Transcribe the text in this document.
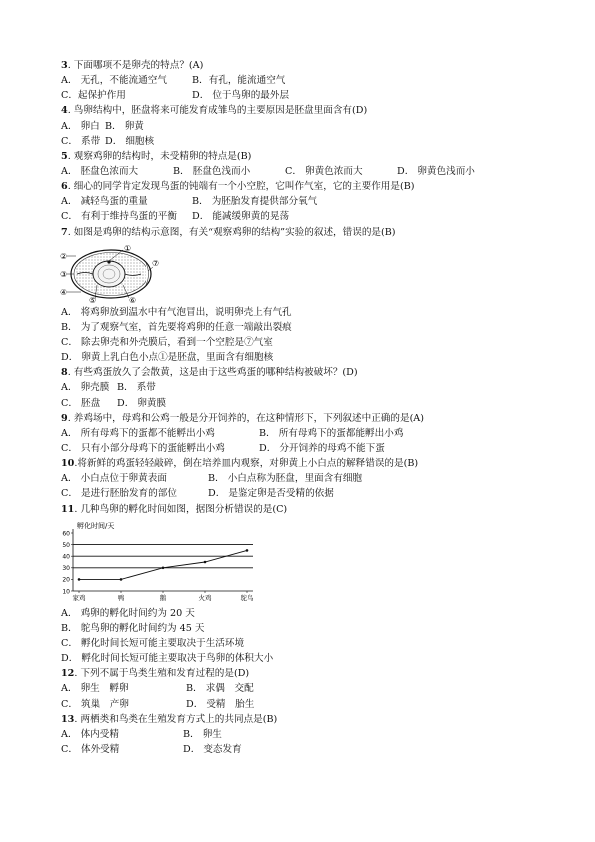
3. 下面哪项不是卵壳的特点？(A)
A． 无孔，不能流通空气	B．有孔，能流通空气
C．起保护作用	D． 位于鸟卵的最外层
4. 鸟卵结构中，胚盘将来可能发育成雏鸟的主要原因是胚盘里面含有(D)
A． 卵白 B． 卵黄
C． 系带 D． 细胞核
5. 观察鸡卵的结构时，未受精卵的特点是(B)
A． 胚盘色浓而大	B． 胚盘色浅而小	C． 卵黄色浓而大	D． 卵黄色浅而小
6. 细心的同学肯定发现鸟蛋的钝端有一个小空腔，它叫作气室，它的主要作用是(B)
A． 减轻鸟蛋的重量	B． 为胚胎发育提供部分氧气
C． 有利于维持鸟蛋的平衡 D． 能减缓卵黄的晃荡
7. 如图是鸡卵的结构示意图，有关“观察鸡卵的结构”实验的叙述，错误的是(B)
①
②
③
④
⑤	⑥
⑦
A． 将鸡卵放到温水中有气泡冒出，说明卵壳上有气孔
B． 为了观察气室，首先要将鸡卵的任意一端敲出裂痕
C． 除去卵壳和外壳膜后，看到一个空腔是⑦气室
D． 卵黄上乳白色小点①是胚盘，里面含有细胞核
8. 有些鸡蛋放久了会散黄，这是由于这些鸡蛋的哪种结构被破坏？(D)
A． 卵壳膜 B． 系带
C． 胚盘 D． 卵黄膜
9. 养鸡场中，母鸡和公鸡一般是分开饲养的，在这种情形下，下列叙述中正确的是(A)
A． 所有母鸡下的蛋都不能孵出小鸡	B． 所有母鸡下的蛋都能孵出小鸡
C． 只有小部分母鸡下的蛋能孵出小鸡	D． 分开饲养的母鸡不能下蛋
10.将新鲜的鸡蛋轻轻敲碎，倒在培养皿内观察，对卵黄上小白点的解释错误的是(B)
A． 小白点位于卵黄表面	B． 小白点称为胚盘，里面含有细胞
C． 是进行胚胎发育的部位	D． 是鉴定卵是否受精的依据
11. 几种鸟卵的孵化时间如图，据图分析错误的是(C)
孵化时间/天
10
20
30
40
50
60
家鸡	鸭	鹅	火鸡	鸵鸟
A． 鸡卵的孵化时间约为 20 天
B． 鸵鸟卵的孵化时间约为 45 天
C． 孵化时间长短可能主要取决于生活环境
D． 孵化时间长短可能主要取决于鸟卵的体积大小
12. 下列不属于鸟类生殖和发育过程的是(D)
A． 卵生　孵卵	B． 求偶　交配
C． 筑巢　产卵	D． 受精　胎生
13. 两栖类和鸟类在生殖发育方式上的共同点是(B)
A． 体内受精	B． 卵生
C． 体外受精	D． 变态发育
